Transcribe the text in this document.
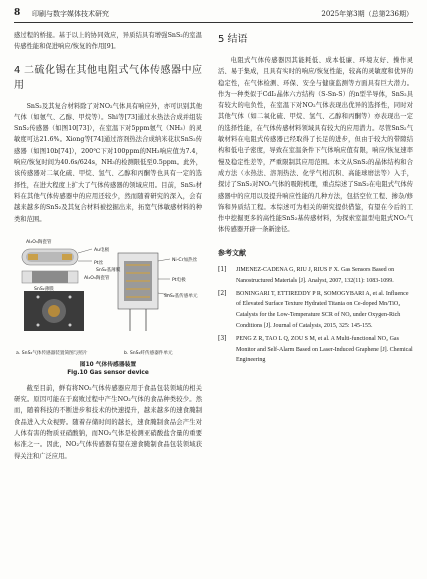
8 印刷与数字媒体技术研究	2025年第3期（总第236期）

感过程的桥接。基于以上的协同效应，异质结具有增强SnS₂的室温传感性能和促进响应/恢复的作用[9]。

4 二硫化锡在其他电阻式气体传感器中应用

SnS₂及其复合材料除了对NO₂气体具有响应外，亦可识别其他气体（如氨气、乙醇、甲烷等）。Shi等[73]通过水热法合成并组装SnS₂传感器（如图10[73]），在室温下对5ppm氨气（NH₃）的灵敏度可达21.6%。Xiong等[74]通过溶剂热法合成纳米花状SnS₂传感器（如图10b[74]），200℃下对100ppm的NH₃响应值为7.4，响应/恢复时间为40.6s/624s，NH₃的检测限低至0.5ppm。此外，该传感器对二氧化硫、甲烷、氢气、乙醇和丙酮等也具有一定的选择性，在进大程度上扩大了气体传感器的领域应用。目前，SnS₂材料在其他气体传感器中的应用还较少，然而随着研究的深入，会有越来越多的SnS₂及其复合材料被挖掘出来，拓宽气体敏感材料的种类和范围。

Al₂O₃陶瓷管
Au电极
Pt丝
SnS₂薄膜
Al₂O₃陶瓷管
SnS₂基薄膜
Ni-Cr加热丝
Pt电极
SnS₂基传感单元
a. SnS₂气体传感器装置简图与照片	b. SnS₂纤传感器件单元
图10 气体传感器装置
Fig.10 Gas sensor device

截至目前，鲜有将NO₂气体传感器应用于食品包装领域的相关研究。原因可能在于腐败过程中产生NO₂气体的食品种类较少。然而，随着科技的不断进步和技术的快速提升，越来越多的速食腌制食品进入大众视野。随着存储时间的越长，速食腌制食品会产生对人体有害的物质亚硝酸钠，而NO₂气体是检测亚硝酸盐含量的重要标准之一。因此，NO₂气体传感器有望在速食腌制食品包装领域获得关注和广泛应用。

5 结语

电阻式气体传感器因其能耗低、成本低廉、环境友好、操作灵活、易于集成，且具有实时的响应/恢复性能，较高的灵敏度和优异的稳定性，在气体检测、环保、安全与健康监测等方面具有巨大潜力。作为一种类似于CdI₂晶体六方结构（S-Sn-S）的n型半导体，SnS₂具有较大的电负性，在室温下对NO₂气体表现出优异的选择性，同时对其他气体（如二氧化硫、甲烷、氢气、乙醇和丙酮等）亦表现出一定的选择性能，在气体传感材料领域具有较大的应用潜力。尽管SnS₂气敏材料在电阻式传感器已经取得了长足的进步，但由于较大的带隙结构和低电子密度，导致在室温条件下气体响应值有限，响应/恢复速率慢及稳定性差等，严重限制其应用范围。本文从SnS₂的晶体结构和合成方法（水热法、溶剂热法、化学气相沉积、高能球磨法等）入手，探讨了SnS₂对NO₂气体的吸附机理，重点综述了SnS₂在电阻式气体传感器中的应用以及提升响应性能的几种方法，包括空位工程、掺杂/修饰和异质结工程。本综述可为相关的研究提供借鉴，有望在今后的工作中挖掘更多的高性能SnS₂基传感材料，为探索室温型电阻式NO₂气体传感器开辟一条新途径。

参考文献
[1]	JIMENEZ-CADENA G, RIU J, RIUS F X. Gas Sensors Based on Nanostructured Materials [J]. Analyst, 2007, 132(11): 1083-1099.
[2]	BONINGARI T, ETTIREDDY P R, SOMOGYBARI A, et al. Influence of Elevated Surface Texture Hydrated Titania on Ce-doped Mn/TiO₂ Catalysts for the Low-Temperature SCR of NOₓ under Oxygen-Rich Conditions [J]. Journal of Catalysis, 2015, 325: 145-155.
[3]	PENG Z R, TAO L Q, ZOU S M, et al. A Multi-functional NO₂ Gas Monitor and Self-Alarm Based on Laser-Induced Graphene [J]. Chemical Engineering
